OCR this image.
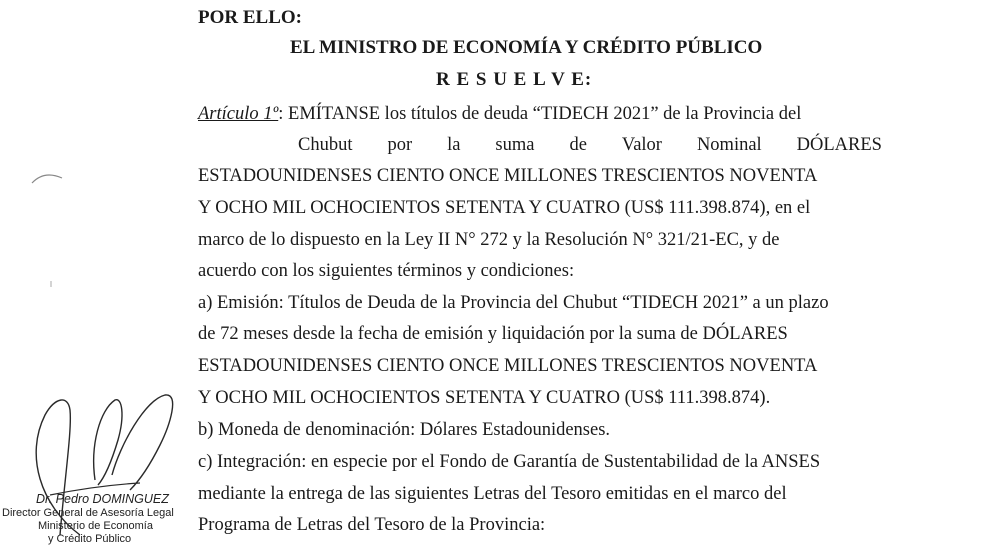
POR ELLO:
EL MINISTRO DE ECONOMÍA Y CRÉDITO PÚBLICO
R E S U E L V E:
Artículo 1º: EMÍTANSE los títulos de deuda “TIDECH 2021” de la Provincia del
Chubut por la suma de Valor Nominal DÓLARES
ESTADOUNIDENSES CIENTO ONCE MILLONES TRESCIENTOS NOVENTA
Y OCHO MIL OCHOCIENTOS SETENTA Y CUATRO (US$ 111.398.874), en el
marco de lo dispuesto en la Ley II N° 272 y la Resolución N° 321/21-EC, y de
acuerdo con los siguientes términos y condiciones:
a) Emisión: Títulos de Deuda de la Provincia del Chubut “TIDECH 2021” a un plazo
de 72 meses desde la fecha de emisión y liquidación por la suma de DÓLARES
ESTADOUNIDENSES CIENTO ONCE MILLONES TRESCIENTOS NOVENTA
Y OCHO MIL OCHOCIENTOS SETENTA Y CUATRO (US$ 111.398.874).
b) Moneda de denominación: Dólares Estadounidenses.
c) Integración: en especie por el Fondo de Garantía de Sustentabilidad de la ANSES
mediante la entrega de las siguientes Letras del Tesoro emitidas en el marco del
Programa de Letras del Tesoro de la Provincia:
Dr. Pedro DOMINGUEZ
Director General de Asesoría Legal
Ministerio de Economía
y Crédito Público
